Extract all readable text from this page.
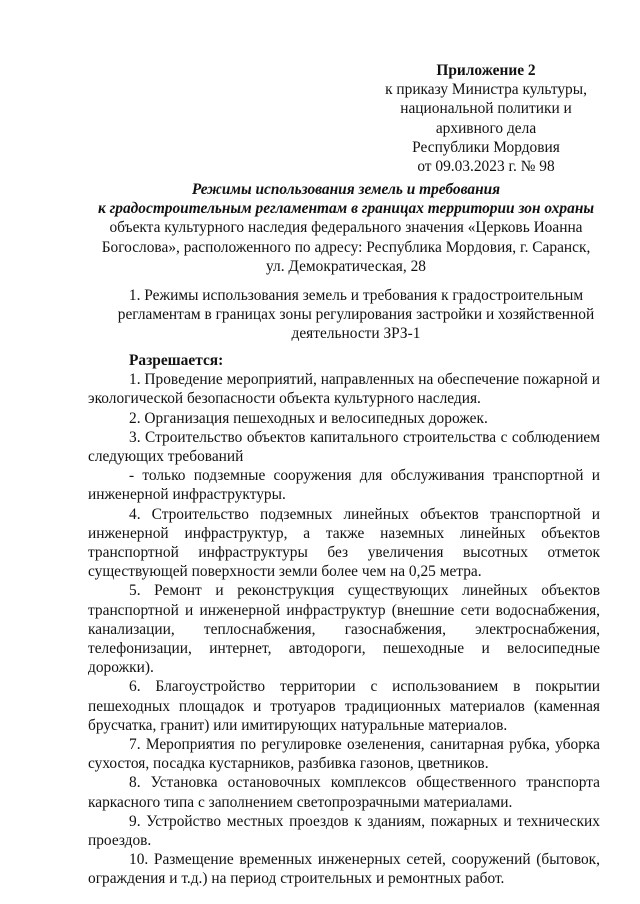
Приложение 2
к приказу Министра культуры,
национальной политики и
архивного дела
Республики Мордовия
от 09.03.2023 г. № 98
Режимы использования земель и требования
к градостроительным регламентам в границах территории зон охраны
объекта культурного наследия федерального значения «Церковь Иоанна
Богослова», расположенного по адресу: Республика Мордовия, г. Саранск,
ул. Демократическая, 28
1. Режимы использования земель и требования к градостроительным
регламентам в границах зоны регулирования застройки и хозяйственной
деятельности ЗРЗ-1

Разрешается:

1. Проведение мероприятий, направленных на обеспечение пожарной и экологической безопасности объекта культурного наследия.

2. Организация пешеходных и велосипедных дорожек.

3. Строительство объектов капитального строительства с соблюдением следующих требований

- только подземные сооружения для обслуживания транспортной и инженерной инфраструктуры.

4. Строительство подземных линейных объектов транспортной и инженерной инфраструктур, а также наземных линейных объектов транспортной инфраструктуры без увеличения высотных отметок существующей поверхности земли более чем на 0,25 метра.

5. Ремонт и реконструкция существующих линейных объектов транспортной и инженерной инфраструктур (внешние сети водоснабжения, канализации, теплоснабжения, газоснабжения, электроснабжения, телефонизации, интернет, автодороги, пешеходные и велосипедные дорожки).

6. Благоустройство территории с использованием в покрытии пешеходных площадок и тротуаров традиционных материалов (каменная брусчатка, гранит) или имитирующих натуральные материалов.

7. Мероприятия по регулировке озеленения, санитарная рубка, уборка сухостоя, посадка кустарников, разбивка газонов, цветников.

8. Установка остановочных комплексов общественного транспорта каркасного типа с заполнением светопрозрачными материалами.

9. Устройство местных проездов к зданиям, пожарных и технических проездов.

10. Размещение временных инженерных сетей, сооружений (бытовок, ограждения и т.д.) на период строительных и ремонтных работ.
